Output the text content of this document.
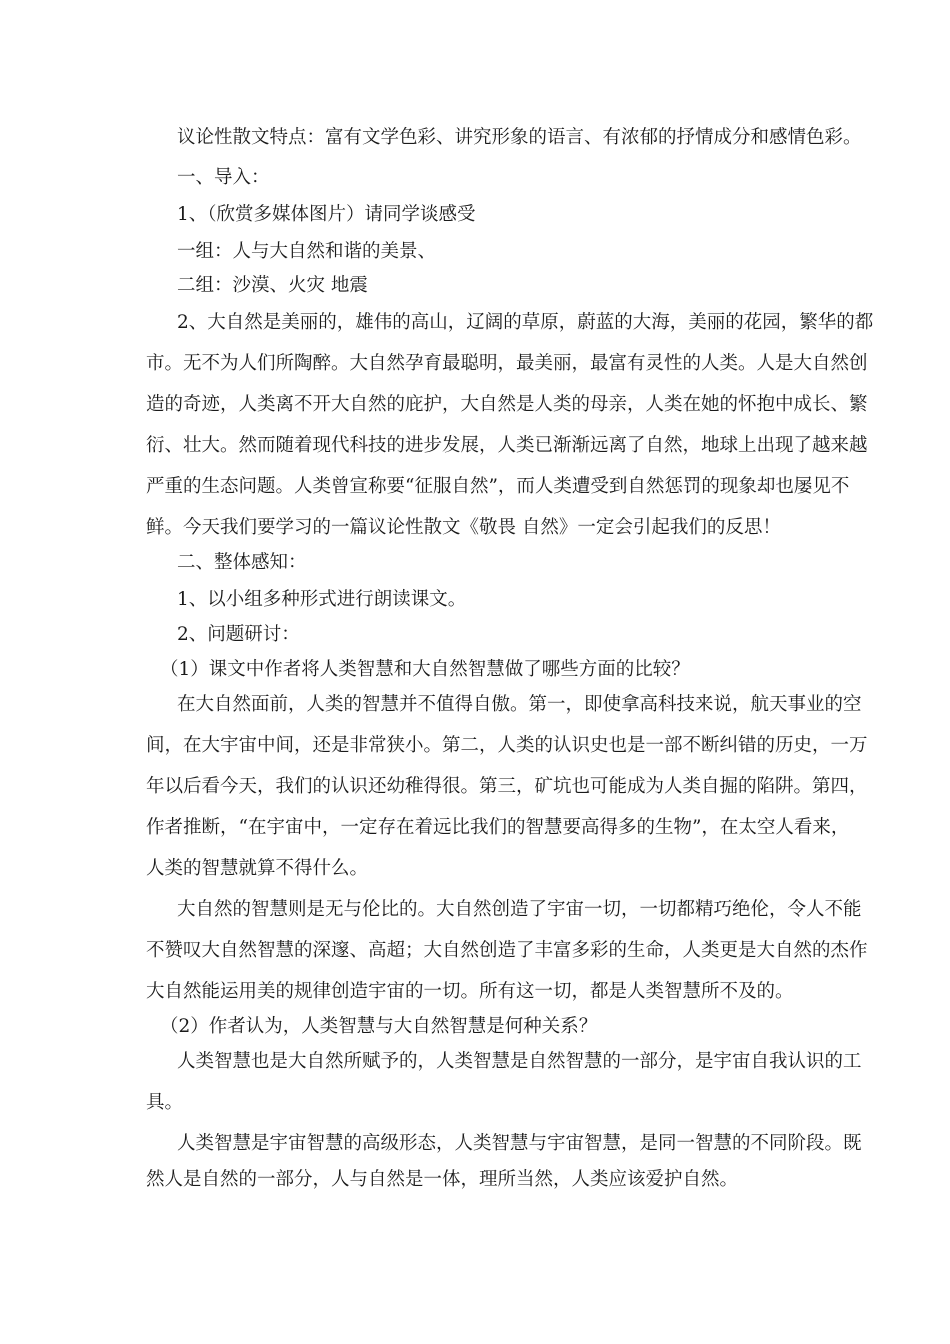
议论性散文特点：富有文学色彩、讲究形象的语言、有浓郁的抒情成分和感情色彩。

一、导入：

1、（欣赏多媒体图片）请同学谈感受

一组：人与大自然和谐的美景、

二组：沙漠、火灾 地震

2、大自然是美丽的，雄伟的高山，辽阔的草原，蔚蓝的大海，美丽的花园，繁华的都

市。无不为人们所陶醉。大自然孕育最聪明，最美丽，最富有灵性的人类。人是大自然创

造的奇迹，人类离不开大自然的庇护，大自然是人类的母亲，人类在她的怀抱中成长、繁

衍、壮大。然而随着现代科技的进步发展，人类已渐渐远离了自然，地球上出现了越来越

严重的生态问题。人类曾宣称要“征服自然”，而人类遭受到自然惩罚的现象却也屡见不

鲜。今天我们要学习的一篇议论性散文《敬畏 自然》一定会引起我们的反思！

二、整体感知：

1、以小组多种形式进行朗读课文。

2、问题研讨：

（1）课文中作者将人类智慧和大自然智慧做了哪些方面的比较？

在大自然面前，人类的智慧并不值得自傲。第一，即使拿高科技来说，航天事业的空

间，在大宇宙中间，还是非常狭小。第二，人类的认识史也是一部不断纠错的历史，一万

年以后看今天，我们的认识还幼稚得很。第三，矿坑也可能成为人类自掘的陷阱。第四，

作者推断，“在宇宙中，一定存在着远比我们的智慧要高得多的生物”，在太空人看来，

人类的智慧就算不得什么。

大自然的智慧则是无与伦比的。大自然创造了宇宙一切，一切都精巧绝伦，令人不能

不赞叹大自然智慧的深邃、高超；大自然创造了丰富多彩的生命，人类更是大自然的杰作

大自然能运用美的规律创造宇宙的一切。所有这一切，都是人类智慧所不及的。

（2）作者认为，人类智慧与大自然智慧是何种关系？

人类智慧也是大自然所赋予的，人类智慧是自然智慧的一部分，是宇宙自我认识的工

具。

人类智慧是宇宙智慧的高级形态，人类智慧与宇宙智慧，是同一智慧的不同阶段。既

然人是自然的一部分，人与自然是一体，理所当然，人类应该爱护自然。
